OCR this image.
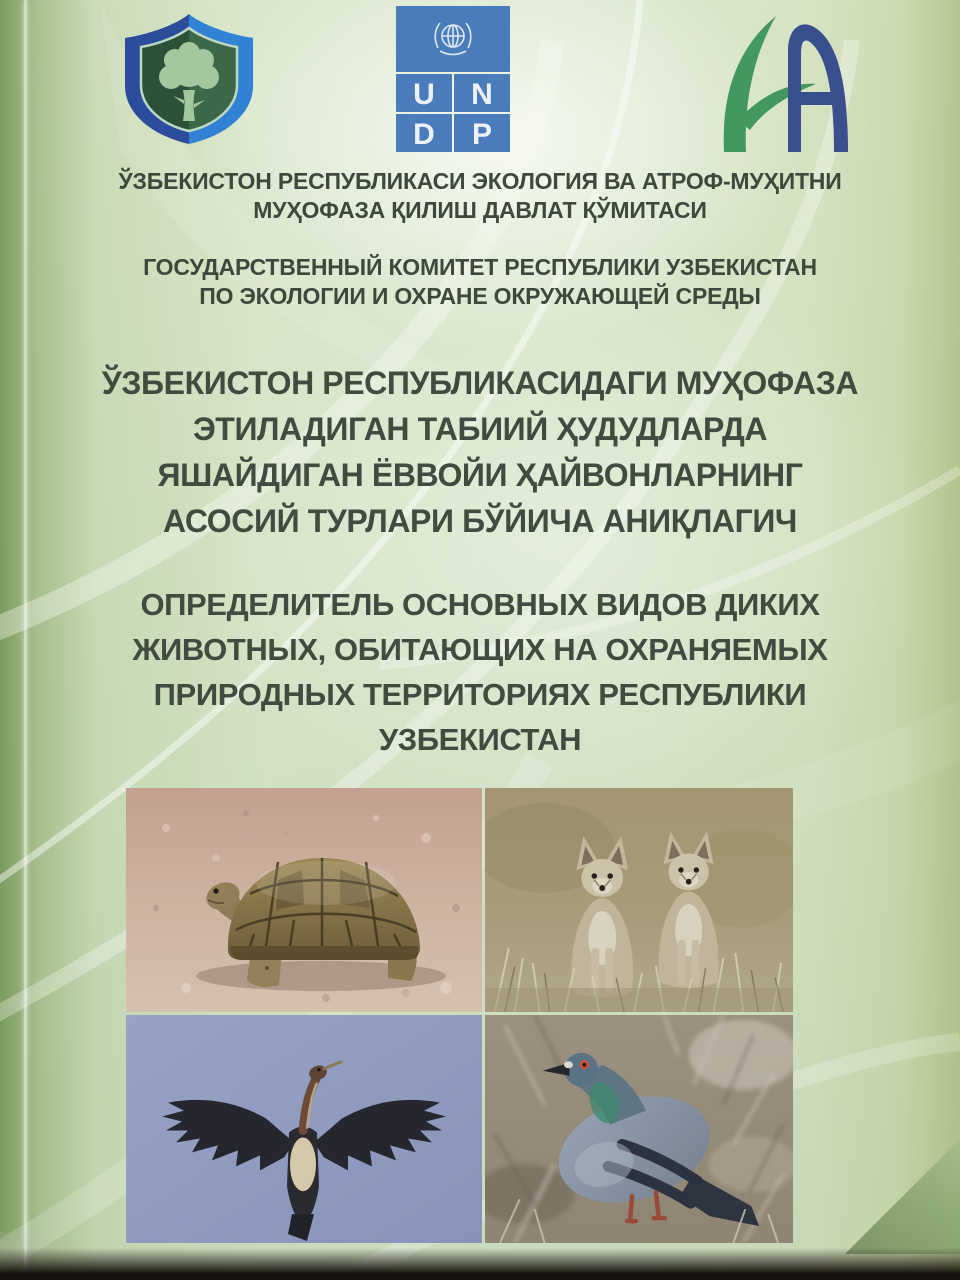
U N
D P
ЎЗБЕКИСТОН РЕСПУБЛИКАСИ ЭКОЛОГИЯ ВА АТРОФ-МУҲИТНИ
МУҲОФАЗА ҚИЛИШ ДАВЛАТ ҚЎМИТАСИ
ГОСУДАРСТВЕННЫЙ КОМИТЕТ РЕСПУБЛИКИ УЗБЕКИСТАН
ПО ЭКОЛОГИИ И ОХРАНЕ ОКРУЖАЮЩЕЙ СРЕДЫ
ЎЗБЕКИСТОН РЕСПУБЛИКАСИДАГИ МУҲОФАЗА
ЭТИЛАДИГАН ТАБИИЙ ҲУДУДЛАРДА
ЯШАЙДИГАН ЁВВОЙИ ҲАЙВОНЛАРНИНГ
АСОСИЙ ТУРЛАРИ БЎЙИЧА АНИҚЛАГИЧ
ОПРЕДЕЛИТЕЛЬ ОСНОВНЫХ ВИДОВ ДИКИХ
ЖИВОТНЫХ, ОБИТАЮЩИХ НА ОХРАНЯЕМЫХ
ПРИРОДНЫХ ТЕРРИТОРИЯХ РЕСПУБЛИКИ
УЗБЕКИСТАН
